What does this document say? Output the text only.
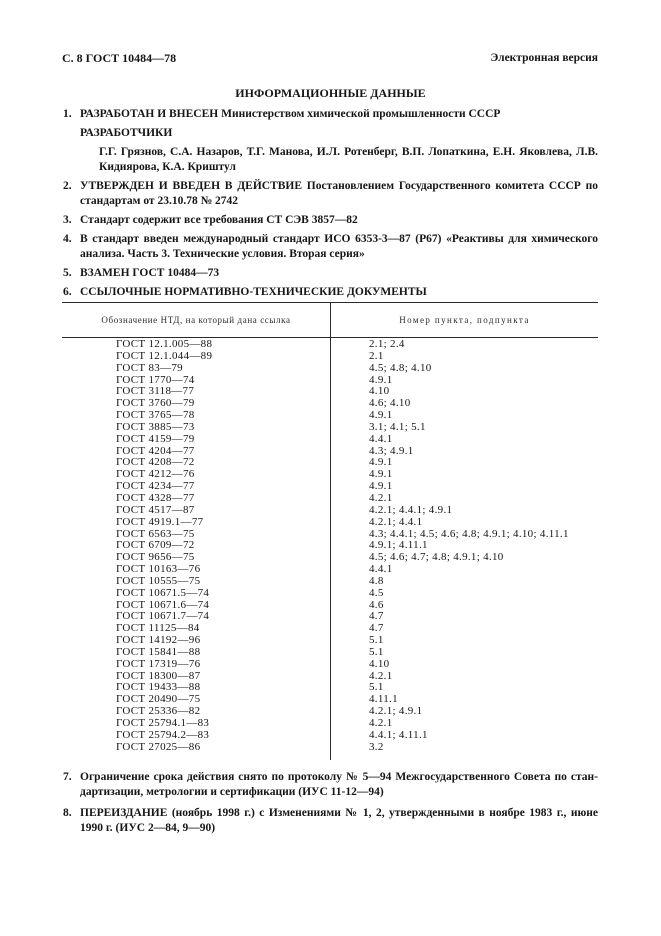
С. 8 ГОСТ 10484—78	Электронная версия
ИНФОРМАЦИОННЫЕ ДАННЫЕ
1. РАЗРАБОТАН И ВНЕСЕН Министерством химической промышленности СССР
РАЗРАБОТЧИКИ
Г.Г. Грязнов, С.А. Назаров, Т.Г. Манова, И.Л. Ротенберг, В.П. Лопаткина, Е.Н. Яковлева, Л.В. Кидиярова, К.А. Криштул
2. УТВЕРЖДЕН И ВВЕДЕН В ДЕЙСТВИЕ Постановлением Государственного комитета СССР по стандартам от 23.10.78 № 2742
3. Стандарт содержит все требования СТ СЭВ 3857—82
4. В стандарт введен международный стандарт ИСО 6353-3—87 (Р67) «Реактивы для химического анализа. Часть 3. Технические условия. Вторая серия»
5. ВЗАМЕН ГОСТ 10484—73
6. ССЫЛОЧНЫЕ НОРМАТИВНО-ТЕХНИЧЕСКИЕ ДОКУМЕНТЫ
Обозначение НТД, на который дана ссылка	Номер пункта, подпункта
ГОСТ 12.1.005—88	2.1; 2.4
ГОСТ 12.1.044—89	2.1
ГОСТ 83—79	4.5; 4.8; 4.10
ГОСТ 1770—74	4.9.1
ГОСТ 3118—77	4.10
ГОСТ 3760—79	4.6; 4.10
ГОСТ 3765—78	4.9.1
ГОСТ 3885—73	3.1; 4.1; 5.1
ГОСТ 4159—79	4.4.1
ГОСТ 4204—77	4.3; 4.9.1
ГОСТ 4208—72	4.9.1
ГОСТ 4212—76	4.9.1
ГОСТ 4234—77	4.9.1
ГОСТ 4328—77	4.2.1
ГОСТ 4517—87	4.2.1; 4.4.1; 4.9.1
ГОСТ 4919.1—77	4.2.1; 4.4.1
ГОСТ 6563—75	4.3; 4.4.1; 4.5; 4.6; 4.8; 4.9.1; 4.10; 4.11.1
ГОСТ 6709—72	4.9.1; 4.11.1
ГОСТ 9656—75	4.5; 4.6; 4.7; 4.8; 4.9.1; 4.10
ГОСТ 10163—76	4.4.1
ГОСТ 10555—75	4.8
ГОСТ 10671.5—74	4.5
ГОСТ 10671.6—74	4.6
ГОСТ 10671.7—74	4.7
ГОСТ 11125—84	4.7
ГОСТ 14192—96	5.1
ГОСТ 15841—88	5.1
ГОСТ 17319—76	4.10
ГОСТ 18300—87	4.2.1
ГОСТ 19433—88	5.1
ГОСТ 20490—75	4.11.1
ГОСТ 25336—82	4.2.1; 4.9.1
ГОСТ 25794.1—83	4.2.1
ГОСТ 25794.2—83	4.4.1; 4.11.1
ГОСТ 27025—86	3.2
7. Ограничение срока действия снято по протоколу № 5—94 Межгосударственного Совета по стандартизации, метрологии и сертификации (ИУС 11-12—94)
8. ПЕРЕИЗДАНИЕ (ноябрь 1998 г.) с Изменениями № 1, 2, утвержденными в ноябре 1983 г., июне 1990 г. (ИУС 2—84, 9—90)
